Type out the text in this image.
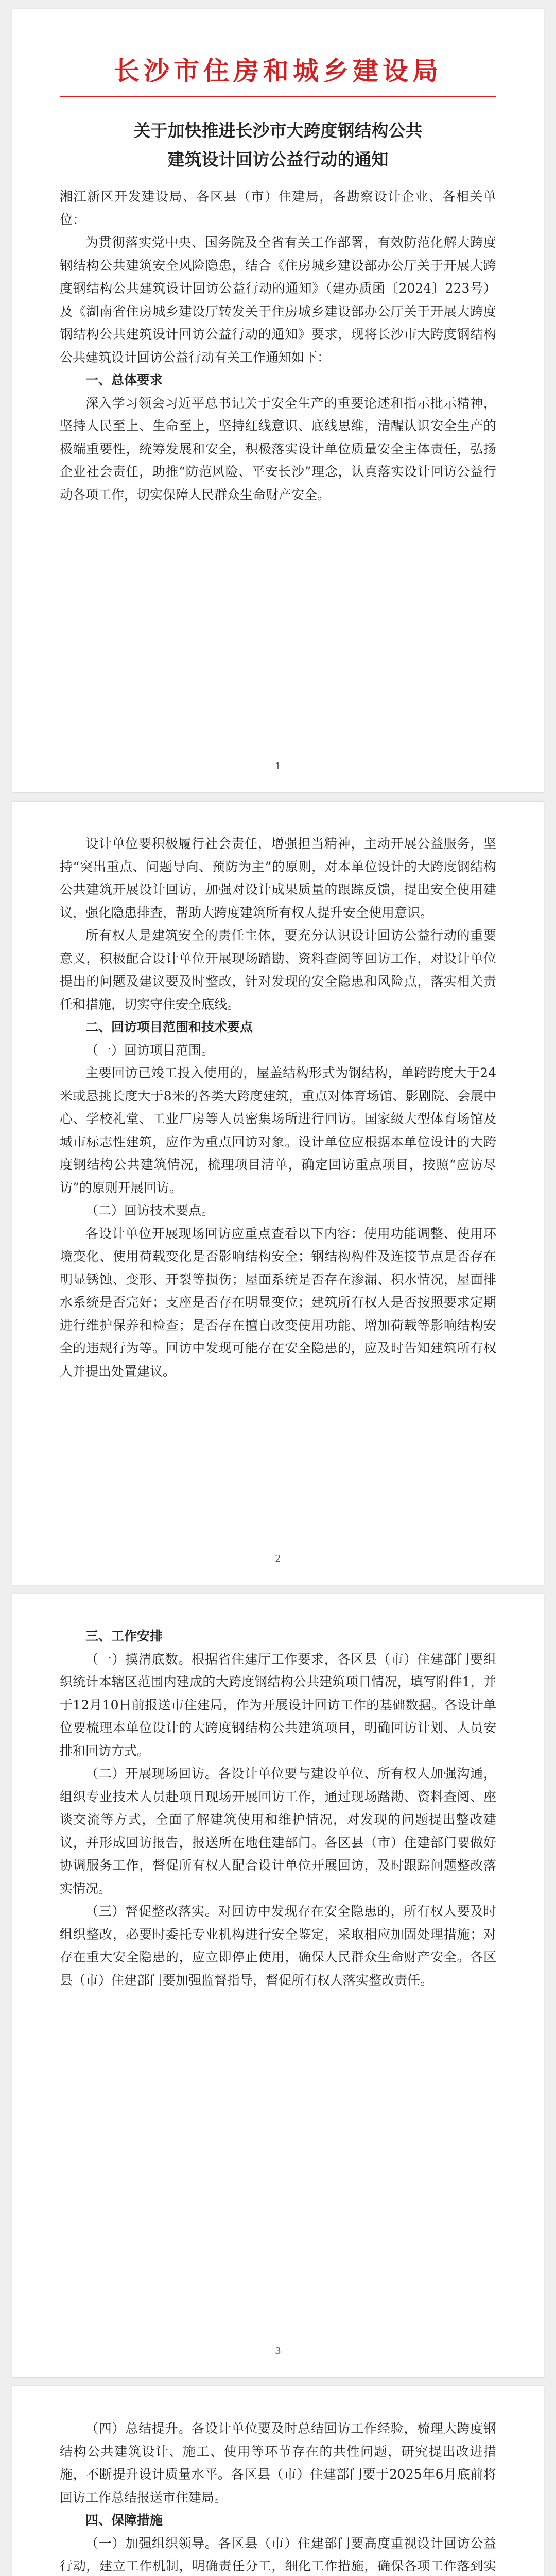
长沙市住房和城乡建设局

关于加快推进长沙市大跨度钢结构公共

建筑设计回访公益行动的通知

湘江新区开发建设局、各区县（市）住建局，各勘察设计企业、各相关单位：

为贯彻落实党中央、国务院及全省有关工作部署，有效防范化解大跨度钢结构公共建筑安全风险隐患，结合《住房城乡建设部办公厅关于开展大跨度钢结构公共建筑设计回访公益行动的通知》（建办质函〔2024〕223号）及《湖南省住房城乡建设厅转发关于住房城乡建设部办公厅关于开展大跨度钢结构公共建筑设计回访公益行动的通知》要求，现将长沙市大跨度钢结构公共建筑设计回访公益行动有关工作通知如下：

一、总体要求

深入学习领会习近平总书记关于安全生产的重要论述和指示批示精神，坚持人民至上、生命至上，坚持红线意识、底线思维，清醒认识安全生产的极端重要性，统筹发展和安全，积极落实设计单位质量安全主体责任，弘扬企业社会责任，助推“防范风险、平安长沙”理念，认真落实设计回访公益行动各项工作，切实保障人民群众生命财产安全。

1

设计单位要积极履行社会责任，增强担当精神，主动开展公益服务，坚持“突出重点、问题导向、预防为主”的原则，对本单位设计的大跨度钢结构公共建筑开展设计回访，加强对设计成果质量的跟踪反馈，提出安全使用建议，强化隐患排查，帮助大跨度建筑所有权人提升安全使用意识。

所有权人是建筑安全的责任主体，要充分认识设计回访公益行动的重要意义，积极配合设计单位开展现场踏勘、资料查阅等回访工作，对设计单位提出的问题及建议要及时整改，针对发现的安全隐患和风险点，落实相关责任和措施，切实守住安全底线。

二、回访项目范围和技术要点

（一）回访项目范围。

主要回访已竣工投入使用的，屋盖结构形式为钢结构，单跨跨度大于24米或悬挑长度大于8米的各类大跨度建筑，重点对体育场馆、影剧院、会展中心、学校礼堂、工业厂房等人员密集场所进行回访。国家级大型体育场馆及城市标志性建筑，应作为重点回访对象。设计单位应根据本单位设计的大跨度钢结构公共建筑情况，梳理项目清单，确定回访重点项目，按照“应访尽访”的原则开展回访。

（二）回访技术要点。

各设计单位开展现场回访应重点查看以下内容：使用功能调整、使用环境变化、使用荷载变化是否影响结构安全；钢结构构件及连接节点是否存在明显锈蚀、变形、开裂等损伤；屋面系统是否存在渗漏、积水情况，屋面排水系统是否完好；支座是否存在明显变位；建筑所有权人是否按照要求定期进行维护保养和检查；是否存在擅自改变使用功能、增加荷载等影响结构安全的违规行为等。回访中发现可能存在安全隐患的，应及时告知建筑所有权人并提出处置建议。

2

三、工作安排

（一）摸清底数。根据省住建厅工作要求，各区县（市）住建部门要组织统计本辖区范围内建成的大跨度钢结构公共建筑项目情况，填写附件1，并于12月10日前报送市住建局，作为开展设计回访工作的基础数据。各设计单位要梳理本单位设计的大跨度钢结构公共建筑项目，明确回访计划、人员安排和回访方式。

（二）开展现场回访。各设计单位要与建设单位、所有权人加强沟通，组织专业技术人员赴项目现场开展回访工作，通过现场踏勘、资料查阅、座谈交流等方式，全面了解建筑使用和维护情况，对发现的问题提出整改建议，并形成回访报告，报送所在地住建部门。各区县（市）住建部门要做好协调服务工作，督促所有权人配合设计单位开展回访，及时跟踪问题整改落实情况。

（三）督促整改落实。对回访中发现存在安全隐患的，所有权人要及时组织整改，必要时委托专业机构进行安全鉴定，采取相应加固处理措施；对存在重大安全隐患的，应立即停止使用，确保人民群众生命财产安全。各区县（市）住建部门要加强监督指导，督促所有权人落实整改责任。

3

（四）总结提升。各设计单位要及时总结回访工作经验，梳理大跨度钢结构公共建筑设计、施工、使用等环节存在的共性问题，研究提出改进措施，不断提升设计质量水平。各区县（市）住建部门要于2025年6月底前将回访工作总结报送市住建局。

四、保障措施

（一）加强组织领导。各区县（市）住建部门要高度重视设计回访公益行动，建立工作机制，明确责任分工，细化工作措施，确保各项工作落到实
